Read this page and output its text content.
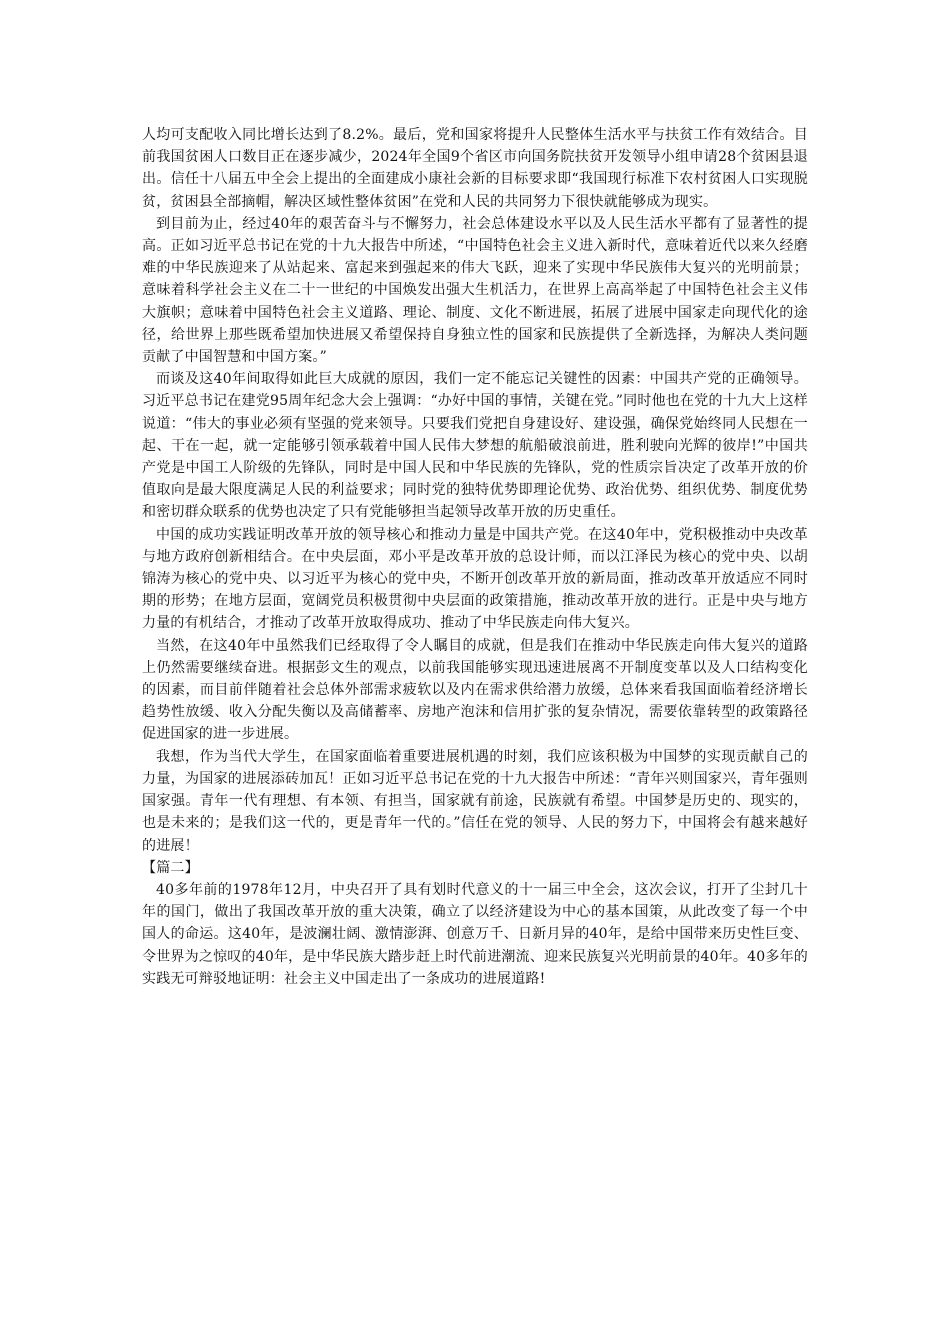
人均可支配收入同比增长达到了8.2%。最后，党和国家将提升人民整体生活水平与扶贫工作有效结合。目前我国贫困人口数目正在逐步减少，2024年全国9个省区市向国务院扶贫开发领导小组申请28个贫困县退出。信任十八届五中全会上提出的全面建成小康社会新的目标要求即“我国现行标准下农村贫困人口实现脱贫，贫困县全部摘帽，解决区域性整体贫困”在党和人民的共同努力下很快就能够成为现实。

到目前为止，经过40年的艰苦奋斗与不懈努力，社会总体建设水平以及人民生活水平都有了显著性的提高。正如习近平总书记在党的十九大报告中所述，“中国特色社会主义进入新时代，意味着近代以来久经磨难的中华民族迎来了从站起来、富起来到强起来的伟大飞跃，迎来了实现中华民族伟大复兴的光明前景；意味着科学社会主义在二十一世纪的中国焕发出强大生机活力，在世界上高高举起了中国特色社会主义伟大旗帜；意味着中国特色社会主义道路、理论、制度、文化不断进展，拓展了进展中国家走向现代化的途径，给世界上那些既希望加快进展又希望保持自身独立性的国家和民族提供了全新选择，为解决人类问题贡献了中国智慧和中国方案。”

而谈及这40年间取得如此巨大成就的原因，我们一定不能忘记关键性的因素：中国共产党的正确领导。习近平总书记在建党95周年纪念大会上强调：“办好中国的事情，关键在党。”同时他也在党的十九大上这样说道：“伟大的事业必须有坚强的党来领导。只要我们党把自身建设好、建设强，确保党始终同人民想在一起、干在一起，就一定能够引领承载着中国人民伟大梦想的航船破浪前进，胜利驶向光辉的彼岸!”中国共产党是中国工人阶级的先锋队，同时是中国人民和中华民族的先锋队，党的性质宗旨决定了改革开放的价值取向是最大限度满足人民的利益要求；同时党的独特优势即理论优势、政治优势、组织优势、制度优势和密切群众联系的优势也决定了只有党能够担当起领导改革开放的历史重任。

中国的成功实践证明改革开放的领导核心和推动力量是中国共产党。在这40年中，党积极推动中央改革与地方政府创新相结合。在中央层面，邓小平是改革开放的总设计师，而以江泽民为核心的党中央、以胡锦涛为核心的党中央、以习近平为核心的党中央，不断开创改革开放的新局面，推动改革开放适应不同时期的形势；在地方层面，宽阔党员积极贯彻中央层面的政策措施，推动改革开放的进行。正是中央与地方力量的有机结合，才推动了改革开放取得成功、推动了中华民族走向伟大复兴。

当然，在这40年中虽然我们已经取得了令人瞩目的成就，但是我们在推动中华民族走向伟大复兴的道路上仍然需要继续奋进。根据彭文生的观点，以前我国能够实现迅速进展离不开制度变革以及人口结构变化的因素，而目前伴随着社会总体外部需求疲软以及内在需求供给潜力放缓，总体来看我国面临着经济增长趋势性放缓、收入分配失衡以及高储蓄率、房地产泡沫和信用扩张的复杂情况，需要依靠转型的政策路径促进国家的进一步进展。

我想，作为当代大学生，在国家面临着重要进展机遇的时刻，我们应该积极为中国梦的实现贡献自己的力量，为国家的进展添砖加瓦！正如习近平总书记在党的十九大报告中所述：“青年兴则国家兴，青年强则国家强。青年一代有理想、有本领、有担当，国家就有前途，民族就有希望。中国梦是历史的、现实的，也是未来的；是我们这一代的，更是青年一代的。”信任在党的领导、人民的努力下，中国将会有越来越好的进展！

【篇二】

40多年前的1978年12月，中央召开了具有划时代意义的十一届三中全会，这次会议，打开了尘封几十年的国门，做出了我国改革开放的重大决策，确立了以经济建设为中心的基本国策，从此改变了每一个中国人的命运。这40年，是波澜壮阔、激情澎湃、创意万千、日新月异的40年，是给中国带来历史性巨变、令世界为之惊叹的40年，是中华民族大踏步赶上时代前进潮流、迎来民族复兴光明前景的40年。40多年的实践无可辩驳地证明：社会主义中国走出了一条成功的进展道路!
